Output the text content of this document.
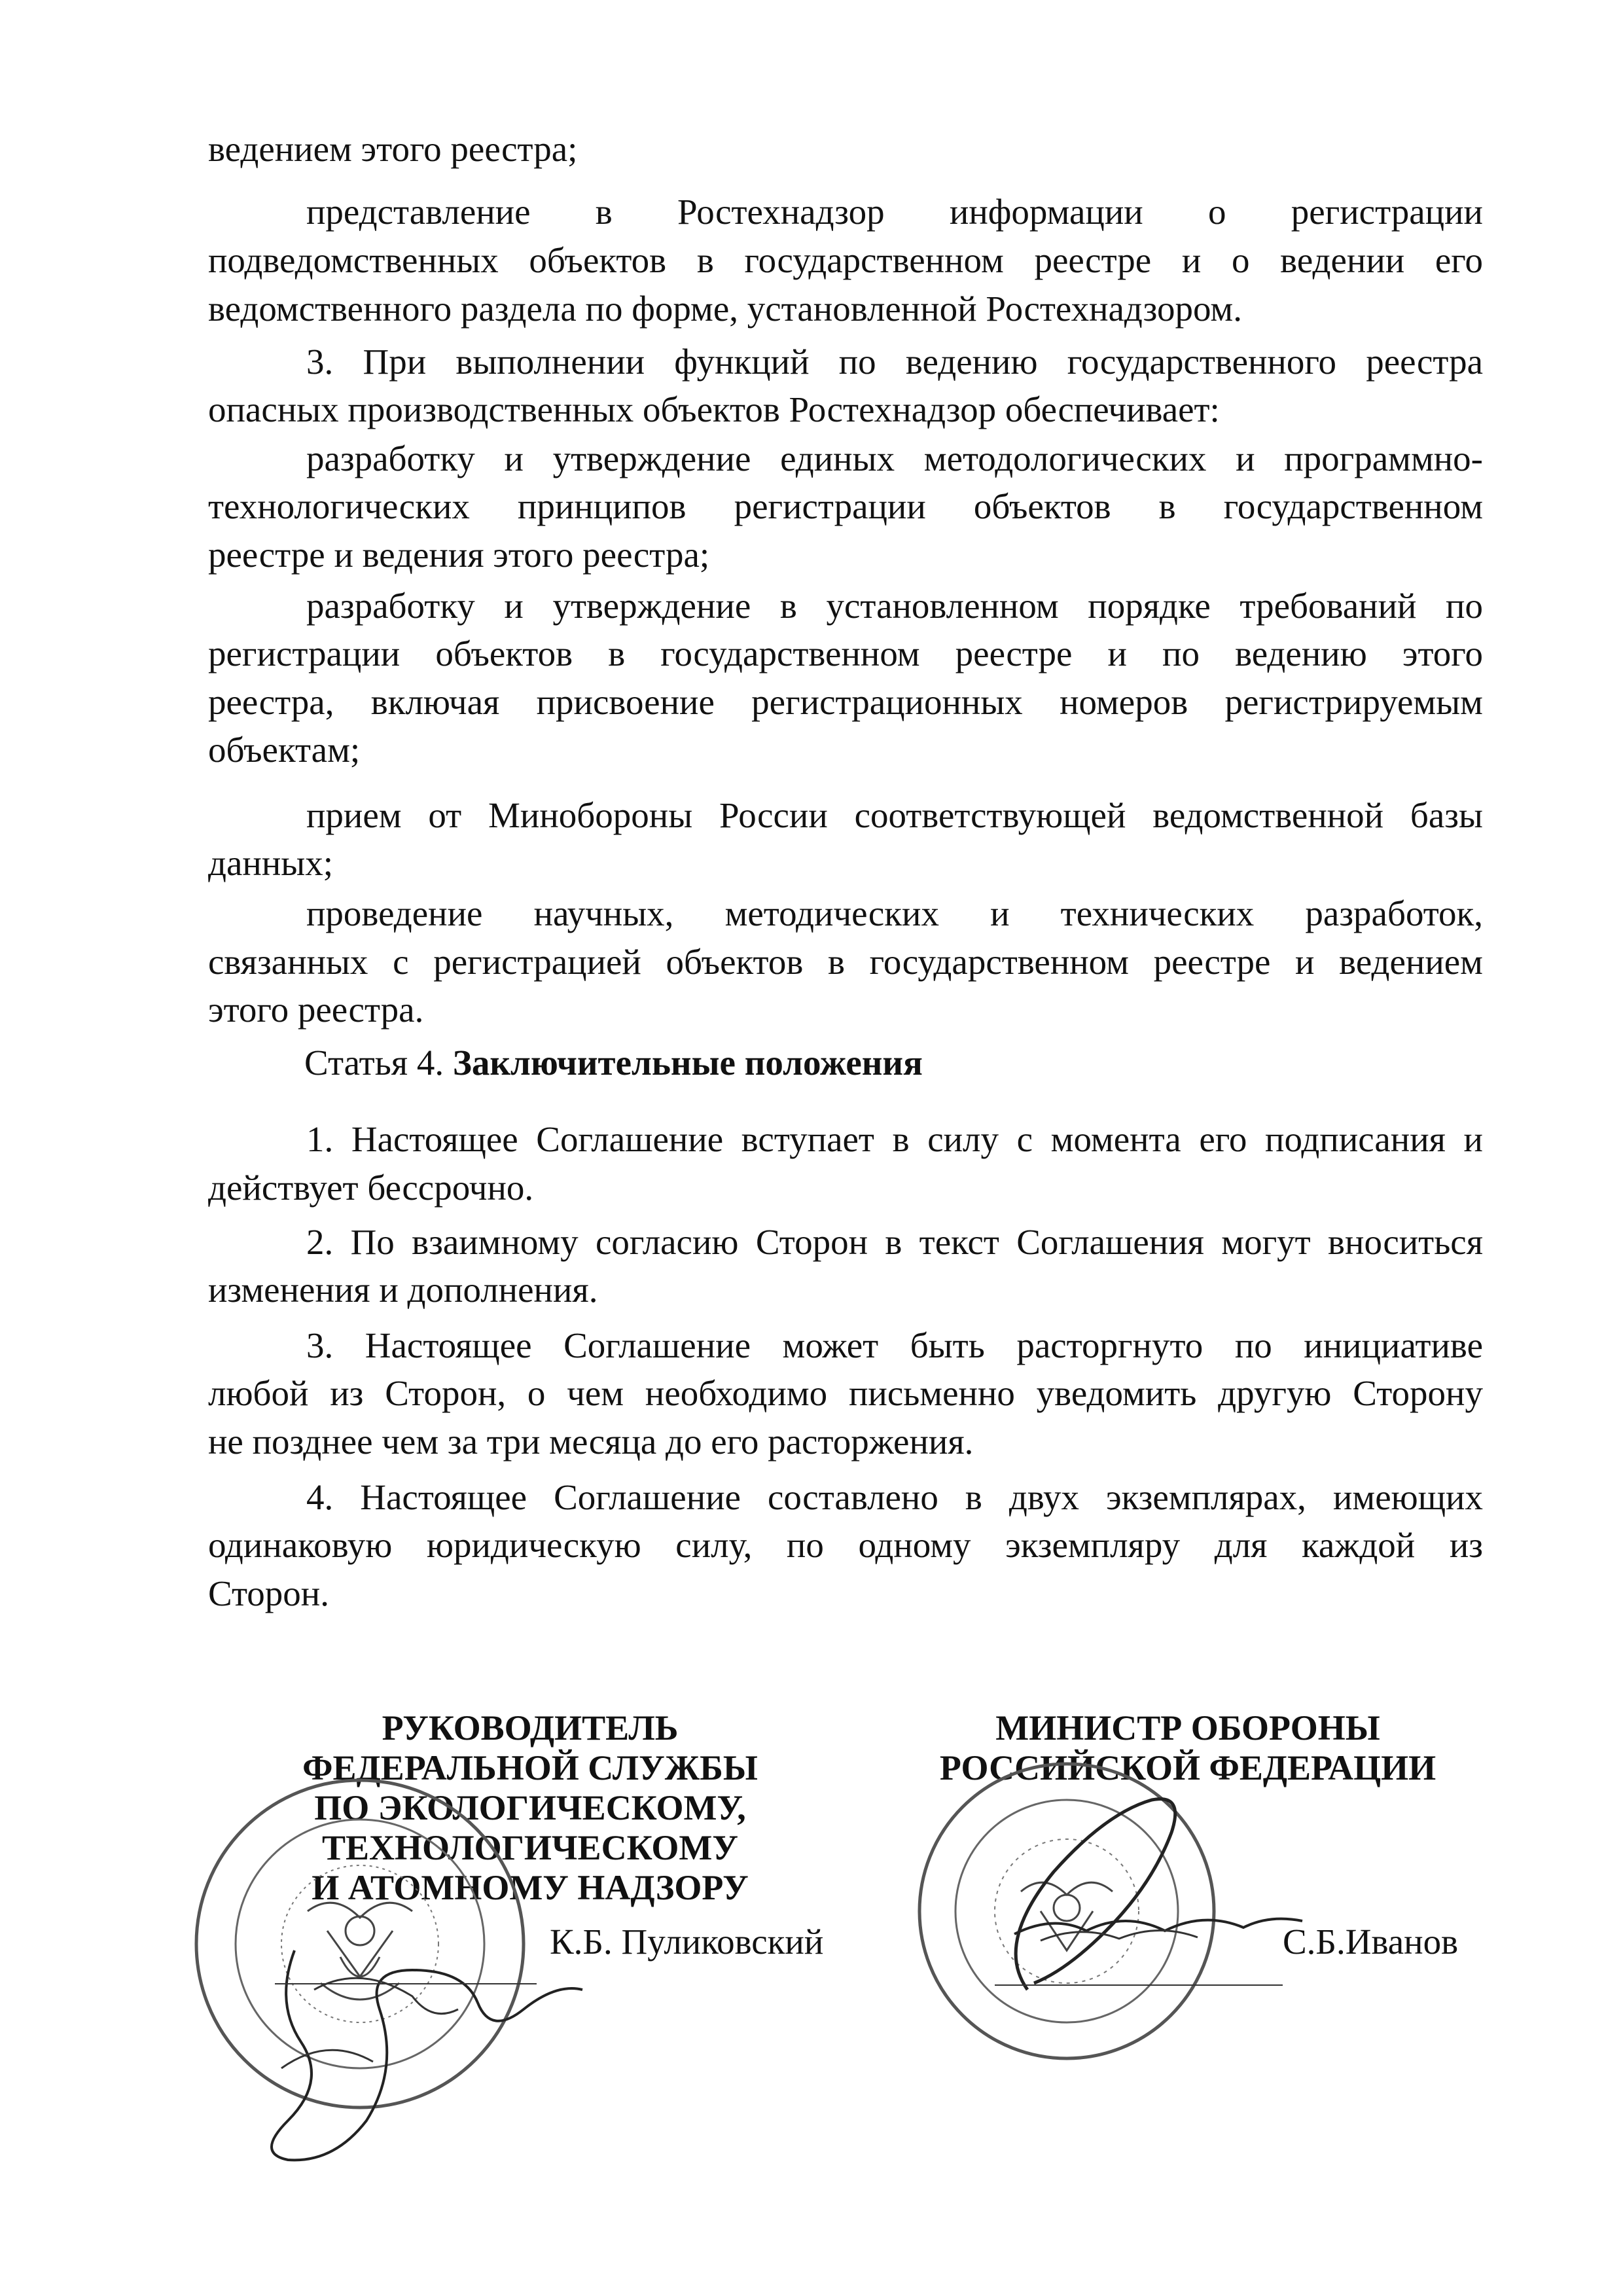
ведением этого реестра;
представление в Ростехнадзор информации о регистрации
подведомственных объектов в государственном реестре и о ведении его
ведомственного раздела по форме, установленной Ростехнадзором.
3. При выполнении функций по ведению государственного реестра
опасных производственных объектов Ростехнадзор обеспечивает:
разработку и утверждение единых методологических и программно-
технологических принципов регистрации объектов в государственном
реестре и ведения этого реестра;
разработку и утверждение в установленном порядке требований по
регистрации объектов в государственном реестре и по ведению этого
реестра, включая присвоение регистрационных номеров регистрируемым
объектам;
прием от Минобороны России соответствующей ведомственной базы
данных;
проведение научных, методических и технических разработок,
связанных с регистрацией объектов в государственном реестре и ведением
этого реестра.
Статья 4. Заключительные положения
1. Настоящее Соглашение вступает в силу с момента его подписания и
действует бессрочно.
2. По взаимному согласию Сторон в текст Соглашения могут вноситься
изменения и дополнения.
3. Настоящее Соглашение может быть расторгнуто по инициативе
любой из Сторон, о чем необходимо письменно уведомить другую Сторону
не позднее чем за три месяца до его расторжения.
4. Настоящее Соглашение составлено в двух экземплярах, имеющих
одинаковую юридическую силу, по одному экземпляру для каждой из
Сторон.
РУКОВОДИТЕЛЬ
ФЕДЕРАЛЬНОЙ СЛУЖБЫ
ПО ЭКОЛОГИЧЕСКОМУ,
ТЕХНОЛОГИЧЕСКОМУ
И АТОМНОМУ НАДЗОРУ
К.Б. Пуликовский
МИНИСТР ОБОРОНЫ
РОССИЙСКОЙ ФЕДЕРАЦИИ
С.Б.Иванов
